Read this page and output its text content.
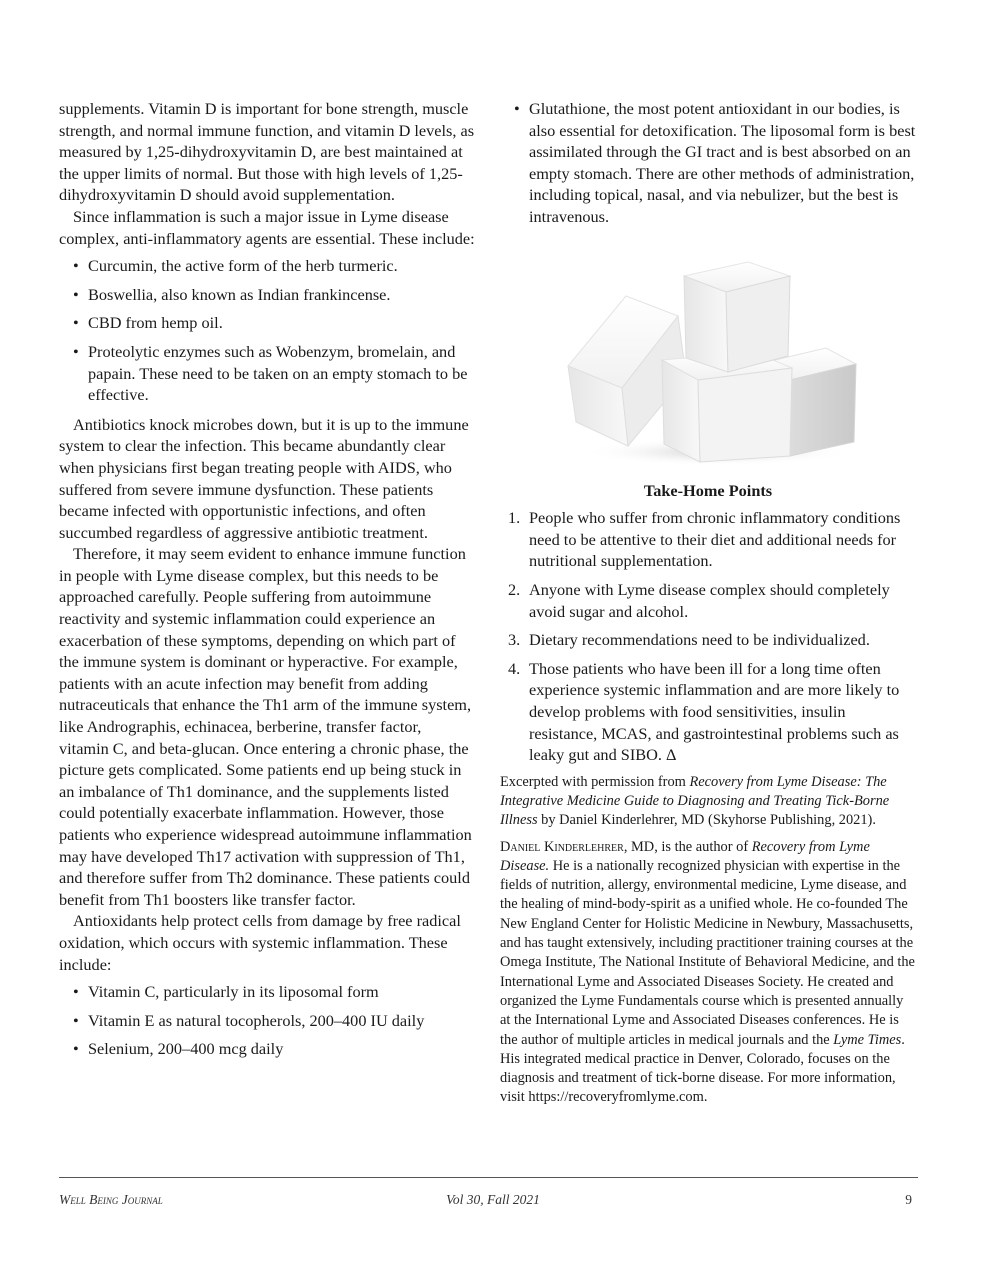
supplements. Vitamin D is important for bone strength, muscle strength, and normal immune function, and vitamin D levels, as measured by 1,25-dihydroxyvitamin D, are best maintained at the upper limits of normal. But those with high levels of 1,25-dihydroxyvitamin D should avoid supplementation.

Since inflammation is such a major issue in Lyme disease complex, anti-inflammatory agents are essential. These include:

• Curcumin, the active form of the herb turmeric.
• Boswellia, also known as Indian frankincense.
• CBD from hemp oil.
• Proteolytic enzymes such as Wobenzym, bromelain, and papain. These need to be taken on an empty stomach to be effective.

Antibiotics knock microbes down, but it is up to the immune system to clear the infection. This became abundantly clear when physicians first began treating people with AIDS, who suffered from severe immune dysfunction. These patients became infected with opportunistic infections, and often succumbed regardless of aggressive antibiotic treatment.

Therefore, it may seem evident to enhance immune function in people with Lyme disease complex, but this needs to be approached carefully. People suffering from autoimmune reactivity and systemic inflammation could experience an exacerbation of these symptoms, depending on which part of the immune system is dominant or hyperactive. For example, patients with an acute infection may benefit from adding nutraceuticals that enhance the Th1 arm of the immune system, like Andrographis, echinacea, berberine, transfer factor, vitamin C, and beta-glucan. Once entering a chronic phase, the picture gets complicated. Some patients end up being stuck in an imbalance of Th1 dominance, and the supplements listed could potentially exacerbate inflammation. However, those patients who experience widespread autoimmune inflammation may have developed Th17 activation with suppression of Th1, and therefore suffer from Th2 dominance. These patients could benefit from Th1 boosters like transfer factor.

Antioxidants help protect cells from damage by free radical oxidation, which occurs with systemic inflammation. These include:

• Vitamin C, particularly in its liposomal form
• Vitamin E as natural tocopherols, 200–400 IU daily
• Selenium, 200–400 mcg daily
• Glutathione, the most potent antioxidant in our bodies, is also essential for detoxification. The liposomal form is best assimilated through the GI tract and is best absorbed on an empty stomach. There are other methods of administration, including topical, nasal, and via nebulizer, but the best is intravenous.

Take-Home Points

1. People who suffer from chronic inflammatory conditions need to be attentive to their diet and additional needs for nutritional supplementation.
2. Anyone with Lyme disease complex should completely avoid sugar and alcohol.
3. Dietary recommendations need to be individualized.
4. Those patients who have been ill for a long time often experience systemic inflammation and are more likely to develop problems with food sensitivities, insulin resistance, MCAS, and gastrointestinal problems such as leaky gut and SIBO. Δ

Excerpted with permission from Recovery from Lyme Disease: The Integrative Medicine Guide to Diagnosing and Treating Tick-Borne Illness by Daniel Kinderlehrer, MD (Skyhorse Publishing, 2021).

Daniel Kinderlehrer, MD, is the author of Recovery from Lyme Disease. He is a nationally recognized physician with expertise in the fields of nutrition, allergy, environmental medicine, Lyme disease, and the healing of mind-body-spirit as a unified whole. He co-founded The New England Center for Holistic Medicine in Newbury, Massachusetts, and has taught extensively, including practitioner training courses at the Omega Institute, The National Institute of Behavioral Medicine, and the International Lyme and Associated Diseases Society. He created and organized the Lyme Fundamentals course which is presented annually at the International Lyme and Associated Diseases conferences. He is the author of multiple articles in medical journals and the Lyme Times. His integrated medical practice in Denver, Colorado, focuses on the diagnosis and treatment of tick-borne disease. For more information, visit https://recoveryfromlyme.com.

Well Being Journal	Vol 30, Fall 2021	9
